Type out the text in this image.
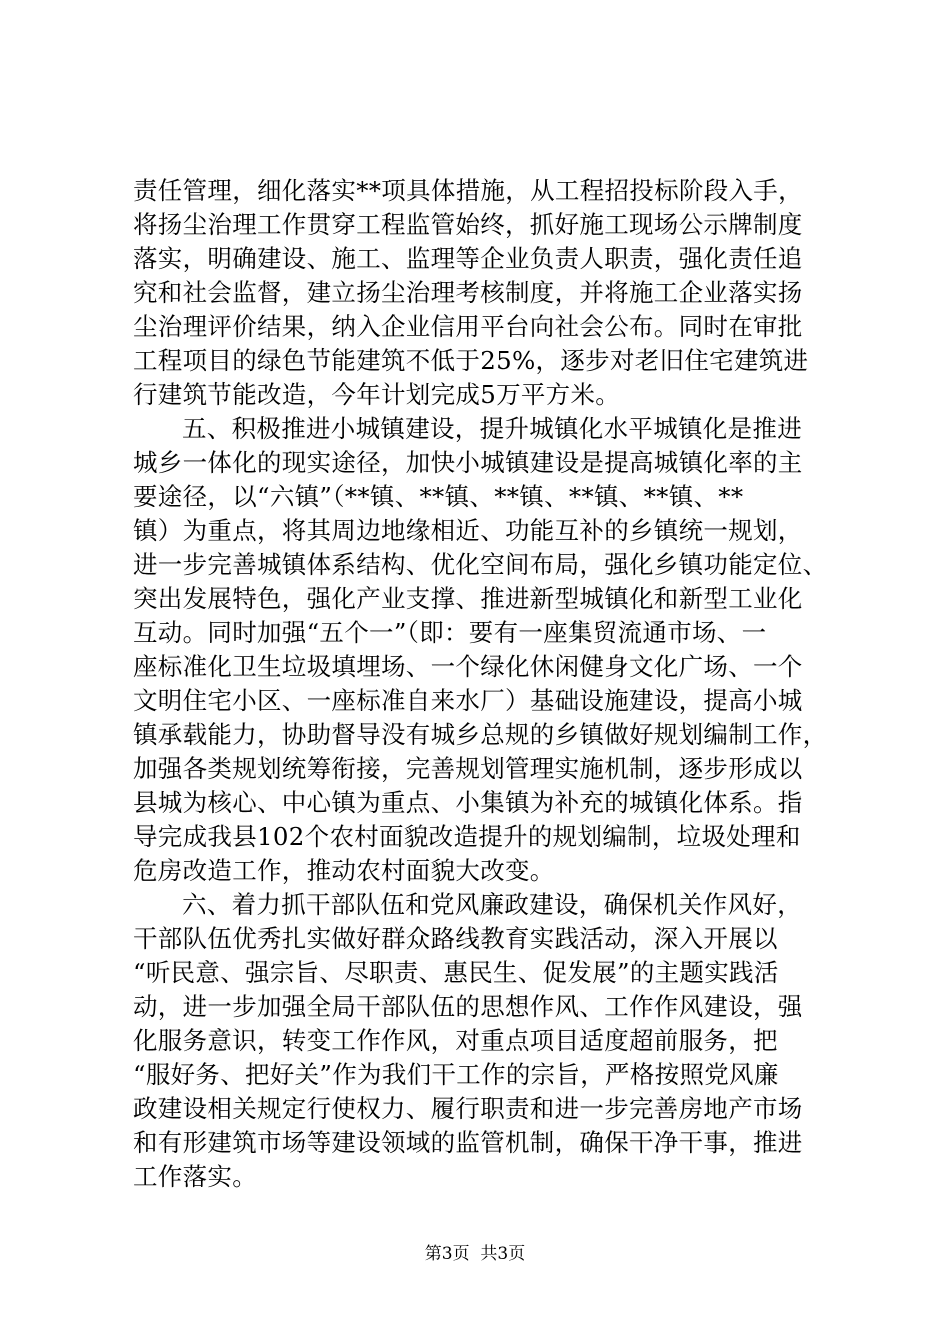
责任管理，细化落实**项具体措施，从工程招投标阶段入手，
将扬尘治理工作贯穿工程监管始终，抓好施工现场公示牌制度
落实，明确建设、施工、监理等企业负责人职责，强化责任追
究和社会监督，建立扬尘治理考核制度，并将施工企业落实扬
尘治理评价结果，纳入企业信用平台向社会公布。同时在审批
工程项目的绿色节能建筑不低于25%，逐步对老旧住宅建筑进
行建筑节能改造，今年计划完成5万平方米。
五、积极推进小城镇建设，提升城镇化水平城镇化是推进
城乡一体化的现实途径，加快小城镇建设是提高城镇化率的主
要途径，以“六镇”（**镇、**镇、**镇、**镇、**镇、**
镇）为重点，将其周边地缘相近、功能互补的乡镇统一规划，
进一步完善城镇体系结构、优化空间布局，强化乡镇功能定位、
突出发展特色，强化产业支撑、推进新型城镇化和新型工业化
互动。同时加强“五个一”（即：要有一座集贸流通市场、一
座标准化卫生垃圾填埋场、一个绿化休闲健身文化广场、一个
文明住宅小区、一座标准自来水厂）基础设施建设，提高小城
镇承载能力，协助督导没有城乡总规的乡镇做好规划编制工作，
加强各类规划统筹衔接，完善规划管理实施机制，逐步形成以
县城为核心、中心镇为重点、小集镇为补充的城镇化体系。指
导完成我县102个农村面貌改造提升的规划编制，垃圾处理和
危房改造工作，推动农村面貌大改变。
六、着力抓干部队伍和党风廉政建设，确保机关作风好，
干部队伍优秀扎实做好群众路线教育实践活动，深入开展以
“听民意、强宗旨、尽职责、惠民生、促发展”的主题实践活
动，进一步加强全局干部队伍的思想作风、工作作风建设，强
化服务意识，转变工作作风，对重点项目适度超前服务，把
“服好务、把好关”作为我们干工作的宗旨，严格按照党风廉
政建设相关规定行使权力、履行职责和进一步完善房地产市场
和有形建筑市场等建设领域的监管机制，确保干净干事，推进
工作落实。
第3页  共3页
